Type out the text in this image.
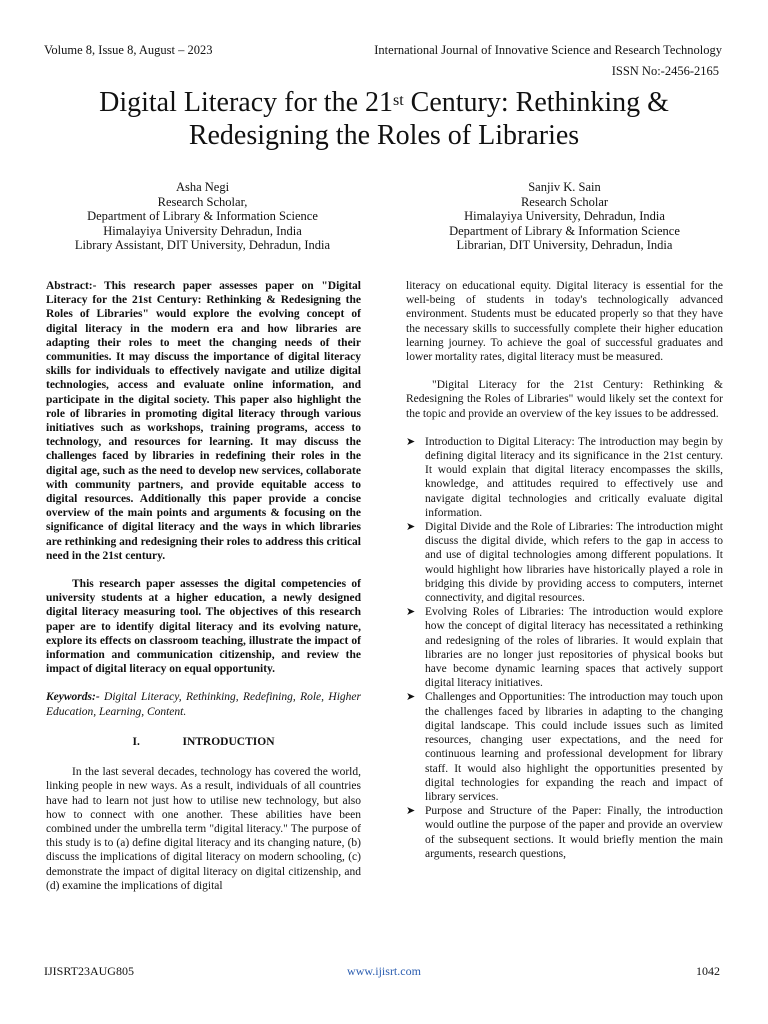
Volume 8, Issue 8, August – 2023	International Journal of Innovative Science and Research Technology
ISSN No:-2456-2165
Digital Literacy for the 21st Century: Rethinking &
Redesigning the Roles of Libraries
Asha Negi
Research Scholar,
Department of Library & Information Science
Himalayiya University Dehradun, India
Library Assistant, DIT University, Dehradun, India
Sanjiv K. Sain
Research Scholar
Himalayiya University, Dehradun, India
Department of Library & Information Science
Librarian, DIT University, Dehradun, India

Abstract:- This research paper assesses paper on "Digital Literacy for the 21st Century: Rethinking & Redesigning the Roles of Libraries" would explore the evolving concept of digital literacy in the modern era and how libraries are adapting their roles to meet the changing needs of their communities. It may discuss the importance of digital literacy skills for individuals to effectively navigate and utilize digital technologies, access and evaluate online information, and participate in the digital society. This paper also highlight the role of libraries in promoting digital literacy through various initiatives such as workshops, training programs, access to technology, and resources for learning. It may discuss the challenges faced by libraries in redefining their roles in the digital age, such as the need to develop new services, collaborate with community partners, and provide equitable access to digital resources. Additionally this paper provide a concise overview of the main points and arguments & focusing on the significance of digital literacy and the ways in which libraries are rethinking and redesigning their roles to address this critical need in the 21st century.

This research paper assesses the digital competencies of university students at a higher education, a newly designed digital literacy measuring tool. The objectives of this research paper are to identify digital literacy and its evolving nature, explore its effects on classroom teaching, illustrate the impact of information and communication citizenship, and review the impact of digital literacy on equal opportunity.

Keywords:- Digital Literacy, Rethinking, Redefining, Role, Higher Education, Learning, Content.

I.	INTRODUCTION

In the last several decades, technology has covered the world, linking people in new ways. As a result, individuals of all countries have had to learn not just how to utilise new technology, but also how to connect with one another. These abilities have been combined under the umbrella term "digital literacy." The purpose of this study is to (a) define digital literacy and its changing nature, (b) discuss the implications of digital literacy on modern schooling, (c) demonstrate the impact of digital literacy on digital citizenship, and (d) examine the implications of digital

literacy on educational equity. Digital literacy is essential for the well-being of students in today's technologically advanced environment. Students must be educated properly so that they have the necessary skills to successfully complete their higher education learning journey. To achieve the goal of successful graduates and lower mortality rates, digital literacy must be measured.

"Digital Literacy for the 21st Century: Rethinking & Redesigning the Roles of Libraries" would likely set the context for the topic and provide an overview of the key issues to be addressed.

➤ Introduction to Digital Literacy: The introduction may begin by defining digital literacy and its significance in the 21st century. It would explain that digital literacy encompasses the skills, knowledge, and attitudes required to effectively use and navigate digital technologies and critically evaluate digital information.
➤ Digital Divide and the Role of Libraries: The introduction might discuss the digital divide, which refers to the gap in access to and use of digital technologies among different populations. It would highlight how libraries have historically played a role in bridging this divide by providing access to computers, internet connectivity, and digital resources.
➤ Evolving Roles of Libraries: The introduction would explore how the concept of digital literacy has necessitated a rethinking and redesigning of the roles of libraries. It would explain that libraries are no longer just repositories of physical books but have become dynamic learning spaces that actively support digital literacy initiatives.
➤ Challenges and Opportunities: The introduction may touch upon the challenges faced by libraries in adapting to the changing digital landscape. This could include issues such as limited resources, changing user expectations, and the need for continuous learning and professional development for library staff. It would also highlight the opportunities presented by digital technologies for expanding the reach and impact of library services.
➤ Purpose and Structure of the Paper: Finally, the introduction would outline the purpose of the paper and provide an overview of the subsequent sections. It would briefly mention the main arguments, research questions,
IJISRT23AUG805	www.ijisrt.com	1042
